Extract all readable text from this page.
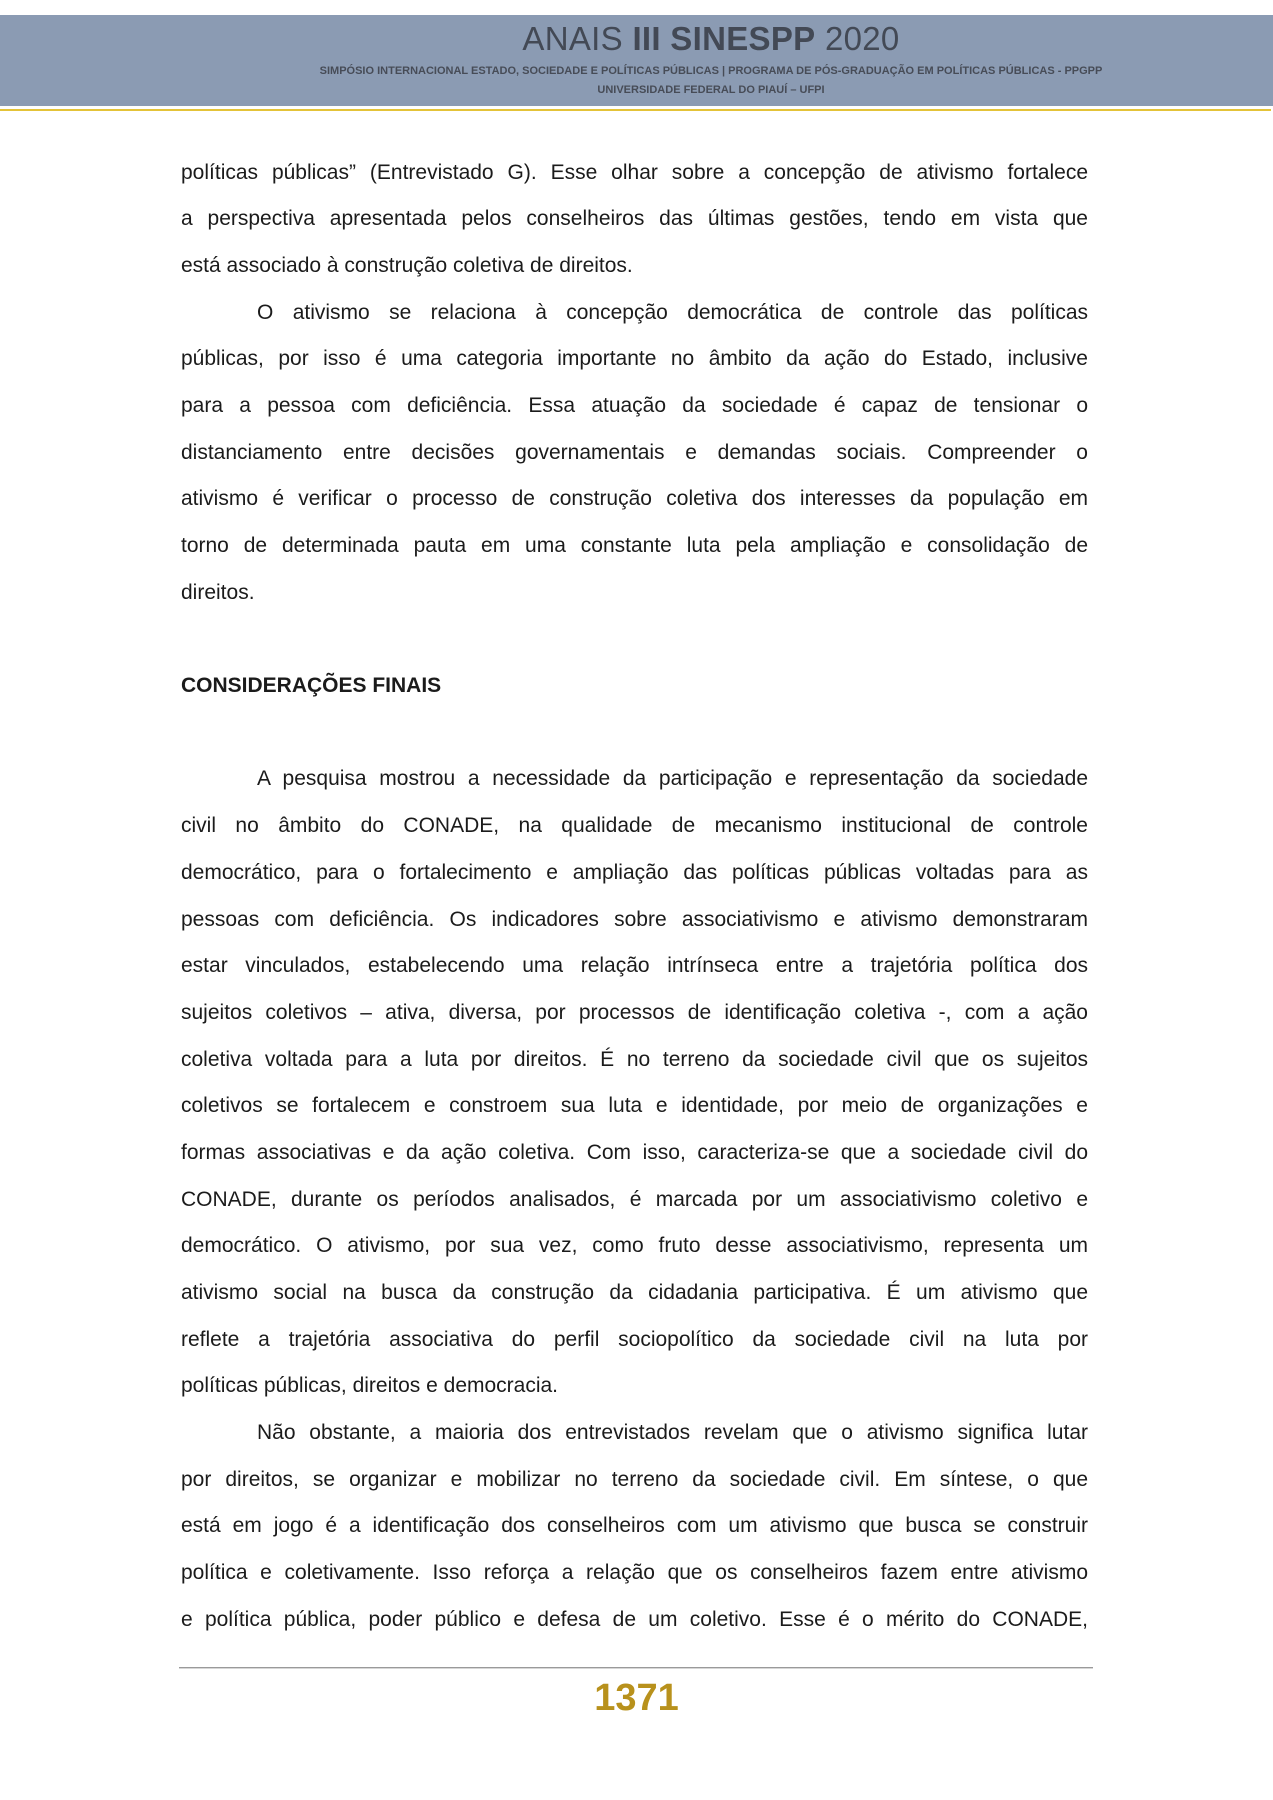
ANAIS III SINESPP 2020
SIMPÓSIO INTERNACIONAL ESTADO, SOCIEDADE E POLÍTICAS PÚBLICAS | PROGRAMA DE PÓS-GRADUAÇÃO EM POLÍTICAS PÚBLICAS - PPGPP
UNIVERSIDADE FEDERAL DO PIAUÍ – UFPI
políticas públicas” (Entrevistado G). Esse olhar sobre a concepção de ativismo fortalece
a perspectiva apresentada pelos conselheiros das últimas gestões, tendo em vista que
está associado à construção coletiva de direitos.
O ativismo se relaciona à concepção democrática de controle das políticas
públicas, por isso é uma categoria importante no âmbito da ação do Estado, inclusive
para a pessoa com deficiência. Essa atuação da sociedade é capaz de tensionar o
distanciamento entre decisões governamentais e demandas sociais. Compreender o
ativismo é verificar o processo de construção coletiva dos interesses da população em
torno de determinada pauta em uma constante luta pela ampliação e consolidação de
direitos.
CONSIDERAÇÕES FINAIS
A pesquisa mostrou a necessidade da participação e representação da sociedade
civil no âmbito do CONADE, na qualidade de mecanismo institucional de controle
democrático, para o fortalecimento e ampliação das políticas públicas voltadas para as
pessoas com deficiência. Os indicadores sobre associativismo e ativismo demonstraram
estar vinculados, estabelecendo uma relação intrínseca entre a trajetória política dos
sujeitos coletivos – ativa, diversa, por processos de identificação coletiva -, com a ação
coletiva voltada para a luta por direitos. É no terreno da sociedade civil que os sujeitos
coletivos se fortalecem e constroem sua luta e identidade, por meio de organizações e
formas associativas e da ação coletiva. Com isso, caracteriza-se que a sociedade civil do
CONADE, durante os períodos analisados, é marcada por um associativismo coletivo e
democrático. O ativismo, por sua vez, como fruto desse associativismo, representa um
ativismo social na busca da construção da cidadania participativa. É um ativismo que
reflete a trajetória associativa do perfil sociopolítico da sociedade civil na luta por
políticas públicas, direitos e democracia.
Não obstante, a maioria dos entrevistados revelam que o ativismo significa lutar
por direitos, se organizar e mobilizar no terreno da sociedade civil. Em síntese, o que
está em jogo é a identificação dos conselheiros com um ativismo que busca se construir
política e coletivamente. Isso reforça a relação que os conselheiros fazem entre ativismo
e política pública, poder público e defesa de um coletivo. Esse é o mérito do CONADE,
1371
